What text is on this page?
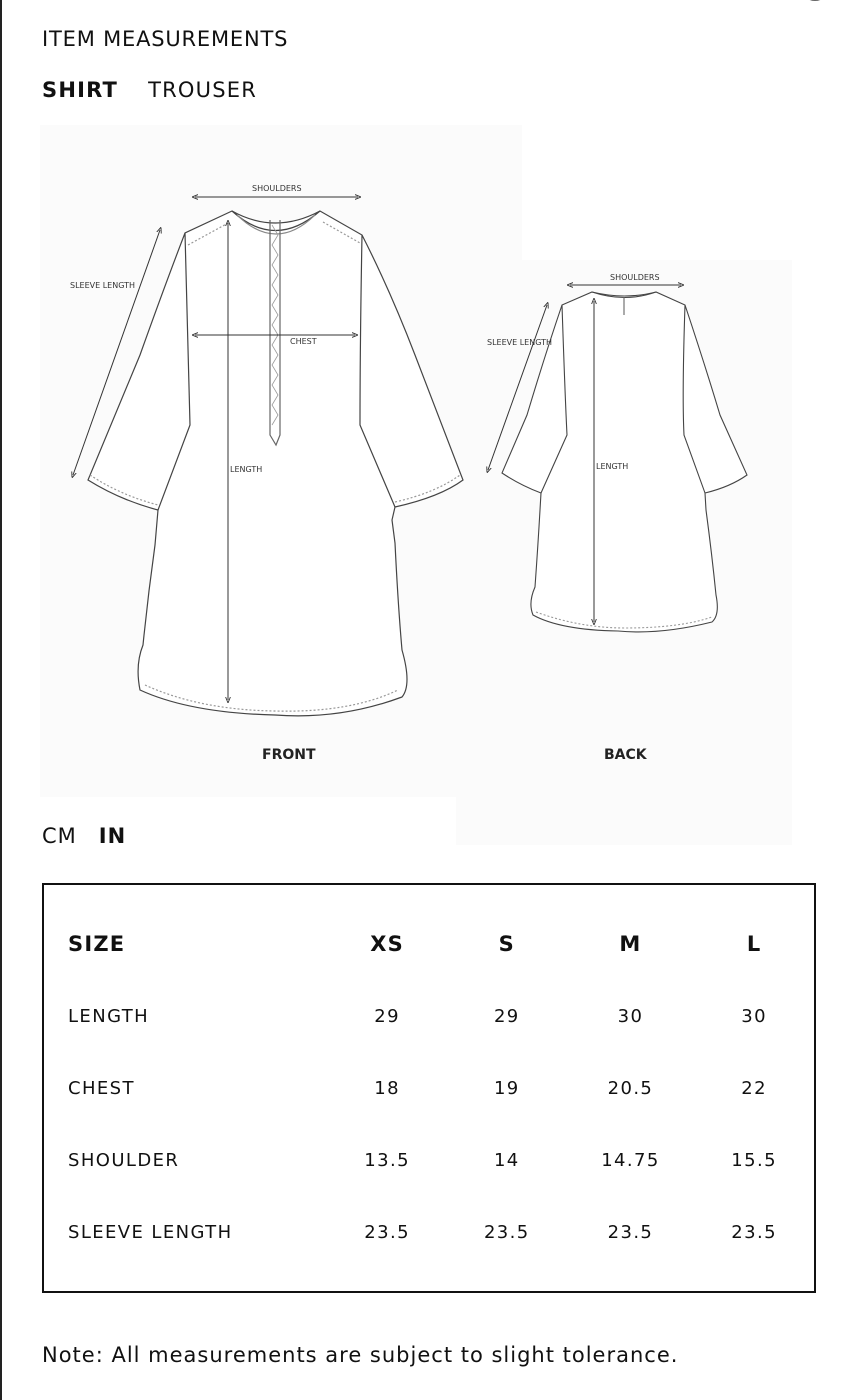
ITEM MEASUREMENTS
SHIRT TROUSER
SHOULDERS
SLEEVE LENGTH
CHEST
LENGTH
FRONT
SHOULDERS
SLEEVE LENGTH
LENGTH
BACK
CM IN
SIZE	XS	S	M	L
LENGTH	29	29	30	30
CHEST	18	19	20.5	22
SHOULDER	13.5	14	14.75	15.5
SLEEVE LENGTH	23.5	23.5	23.5	23.5
Note: All measurements are subject to slight tolerance.
